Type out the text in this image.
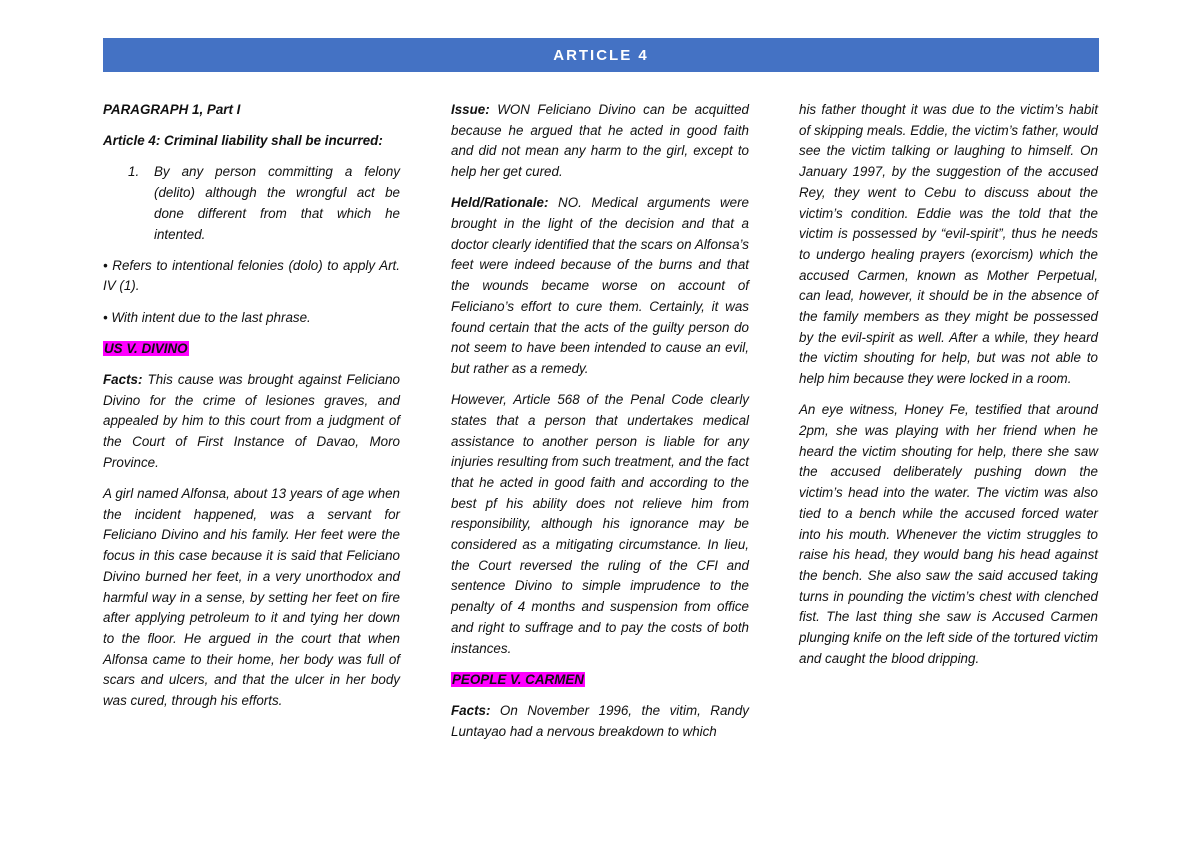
ARTICLE 4

PARAGRAPH 1, Part I

Article 4: Criminal liability shall be incurred:

1.	By any person committing a felony (delito) although the wrongful act be done different from that which he intented.

• Refers to intentional felonies (dolo) to apply Art. IV (1).

• With intent due to the last phrase.

US V. DIVINO

Facts: This cause was brought against Feliciano Divino for the crime of lesiones graves, and appealed by him to this court from a judgment of the Court of First Instance of Davao, Moro Province.

A girl named Alfonsa, about 13 years of age when the incident happened, was a servant for Feliciano Divino and his family. Her feet were the focus in this case because it is said that Feliciano Divino burned her feet, in a very unorthodox and harmful way in a sense, by setting her feet on fire after applying petroleum to it and tying her down to the floor. He argued in the court that when Alfonsa came to their home, her body was full of scars and ulcers, and that the ulcer in her body was cured, through his efforts.

Issue: WON Feliciano Divino can be acquitted because he argued that he acted in good faith and did not mean any harm to the girl, except to help her get cured.

Held/Rationale: NO. Medical arguments were brought in the light of the decision and that a doctor clearly identified that the scars on Alfonsa’s feet were indeed because of the burns and that the wounds became worse on account of Feliciano’s effort to cure them. Certainly, it was found certain that the acts of the guilty person do not seem to have been intended to cause an evil, but rather as a remedy.

However, Article 568 of the Penal Code clearly states that a person that undertakes medical assistance to another person is liable for any injuries resulting from such treatment, and the fact that he acted in good faith and according to the best pf his ability does not relieve him from responsibility, although his ignorance may be considered as a mitigating circumstance. In lieu, the Court reversed the ruling of the CFI and sentence Divino to simple imprudence to the penalty of 4 months and suspension from office and right to suffrage and to pay the costs of both instances.

PEOPLE V. CARMEN

Facts: On November 1996, the vitim, Randy Luntayao had a nervous breakdown to which

his father thought it was due to the victim’s habit of skipping meals. Eddie, the victim’s father, would see the victim talking or laughing to himself. On January 1997, by the suggestion of the accused Rey, they went to Cebu to discuss about the victim’s condition. Eddie was the told that the victim is possessed by “evil-spirit”, thus he needs to undergo healing prayers (exorcism) which the accused Carmen, known as Mother Perpetual, can lead, however, it should be in the absence of the family members as they might be possessed by the evil-spirit as well. After a while, they heard the victim shouting for help, but was not able to help him because they were locked in a room.

An eye witness, Honey Fe, testified that around 2pm, she was playing with her friend when he heard the victim shouting for help, there she saw the accused deliberately pushing down the victim’s head into the water. The victim was also tied to a bench while the accused forced water into his mouth. Whenever the victim struggles to raise his head, they would bang his head against the bench. She also saw the said accused taking turns in pounding the victim’s chest with clenched fist. The last thing she saw is Accused Carmen plunging knife on the left side of the tortured victim and caught the blood dripping.
